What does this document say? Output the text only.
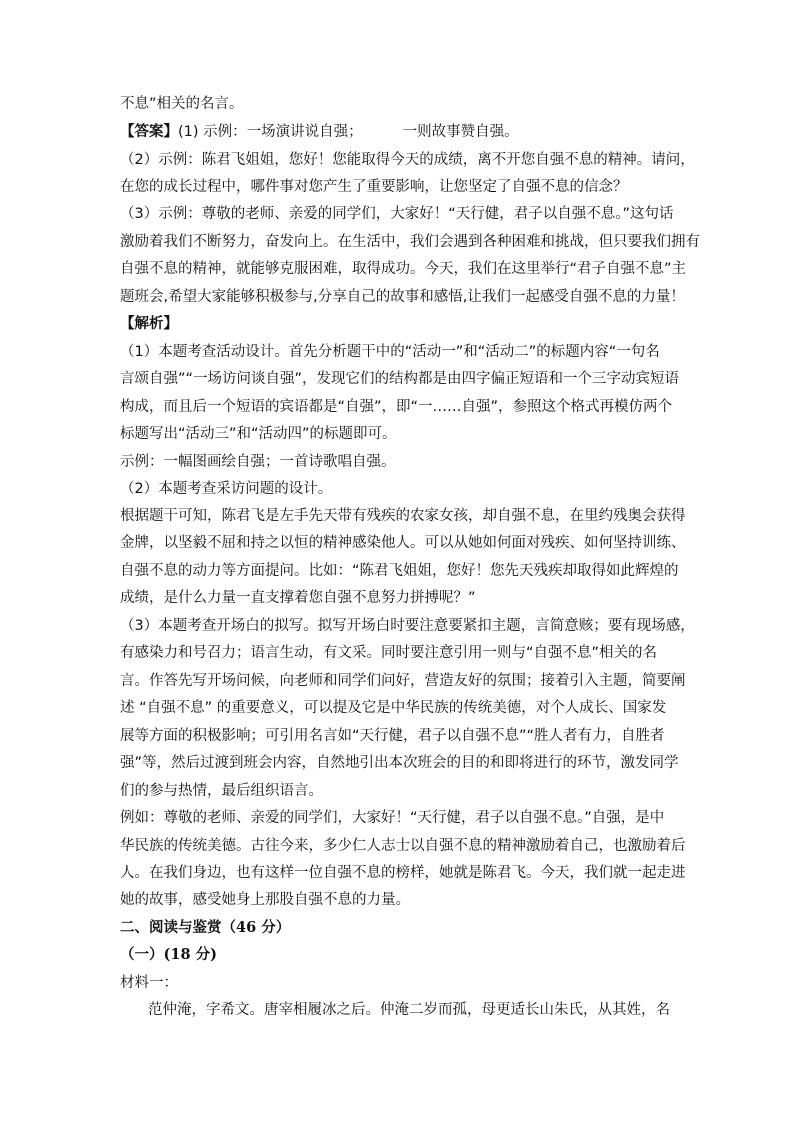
不息”相关的名言。
【答案】(1) 示例：一场演讲说自强；	一则故事赞自强。
（2）示例：陈君飞姐姐，您好！您能取得今天的成绩，离不开您自强不息的精神。请问，
在您的成长过程中，哪件事对您产生了重要影响，让您坚定了自强不息的信念？
（3）示例：尊敬的老师、亲爱的同学们，大家好！“天行健，君子以自强不息。”这句话
激励着我们不断努力，奋发向上。在生活中，我们会遇到各种困难和挑战，但只要我们拥有
自强不息的精神，就能够克服困难，取得成功。今天，我们在这里举行“君子自强不息”主
题班会,希望大家能够积极参与,分享自己的故事和感悟,让我们一起感受自强不息的力量！
【解析】
（1）本题考查活动设计。首先分析题干中的“活动一”和“活动二”的标题内容“一句名
言颂自强”“一场访问谈自强”，发现它们的结构都是由四字偏正短语和一个三字动宾短语
构成，而且后一个短语的宾语都是“自强”，即“一……自强”，参照这个格式再模仿两个
标题写出“活动三”和“活动四”的标题即可。
示例：一幅图画绘自强；一首诗歌唱自强。
（2）本题考查采访问题的设计。
根据题干可知，陈君飞是左手先天带有残疾的农家女孩，却自强不息，在里约残奥会获得
金牌，以坚毅不屈和持之以恒的精神感染他人。可以从她如何面对残疾、如何坚持训练、
自强不息的动力等方面提问。比如：“陈君飞姐姐，您好！您先天残疾却取得如此辉煌的
成绩，是什么力量一直支撑着您自强不息努力拼搏呢？”
（3）本题考查开场白的拟写。拟写开场白时要注意要紧扣主题，言简意赅；要有现场感，
有感染力和号召力；语言生动，有文采。同时要注意引用一则与“自强不息”相关的名
言。作答先写开场问候，向老师和同学们问好，营造友好的氛围；接着引入主题，简要阐
述 “自强不息” 的重要意义，可以提及它是中华民族的传统美德，对个人成长、国家发
展等方面的积极影响；可引用名言如“天行健，君子以自强不息”“胜人者有力，自胜者
强”等，然后过渡到班会内容，自然地引出本次班会的目的和即将进行的环节，激发同学
们的参与热情，最后组织语言。
例如：尊敬的老师、亲爱的同学们，大家好！“天行健，君子以自强不息。”自强，是中
华民族的传统美德。古往今来，多少仁人志士以自强不息的精神激励着自己，也激励着后
人。在我们身边，也有这样一位自强不息的榜样，她就是陈君飞。今天，我们就一起走进
她的故事，感受她身上那股自强不息的力量。
二、阅读与鉴赏（46 分）
（一）(18 分)
材料一：
范仲淹，字希文。唐宰相履冰之后。仲淹二岁而孤，母更适长山朱氏，从其姓，名
